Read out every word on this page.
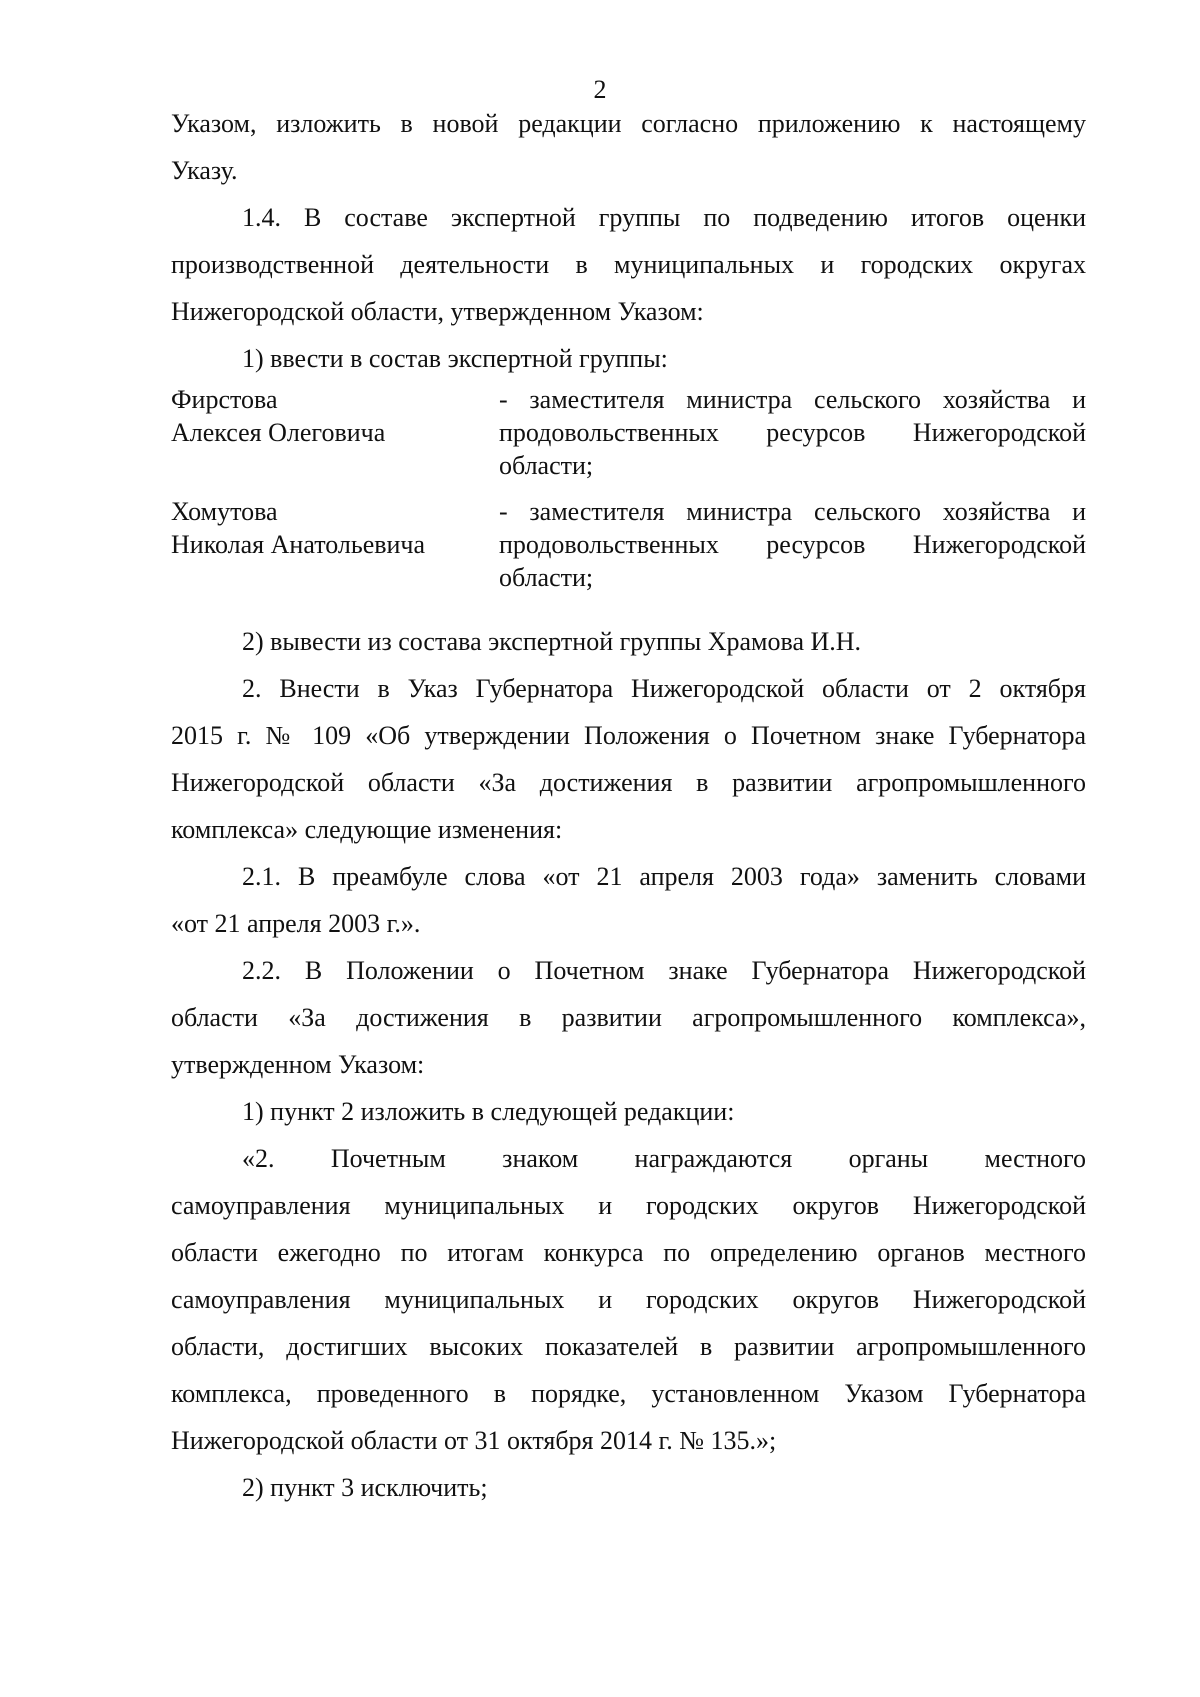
2
Указом, изложить в новой редакции согласно приложению к настоящему
Указу.
1.4. В составе экспертной группы по подведению итогов оценки
производственной деятельности в муниципальных и городских округах
Нижегородской области, утвержденном Указом:
1) ввести в состав экспертной группы:
Фирстова
Алексея Олеговича
- заместителя министра сельского хозяйства и
продовольственных ресурсов Нижегородской
области;
Хомутова
Николая Анатольевича
- заместителя министра сельского хозяйства и
продовольственных ресурсов Нижегородской
области;
2) вывести из состава экспертной группы Храмова И.Н.
2. Внести в Указ Губернатора Нижегородской области от 2 октября
2015 г. № 109 «Об утверждении Положения о Почетном знаке Губернатора
Нижегородской области «За достижения в развитии агропромышленного
комплекса» следующие изменения:
2.1. В преамбуле слова «от 21 апреля 2003 года» заменить словами
«от 21 апреля 2003 г.».
2.2. В Положении о Почетном знаке Губернатора Нижегородской
области «За достижения в развитии агропромышленного комплекса»,
утвержденном Указом:
1) пункт 2 изложить в следующей редакции:
«2. Почетным знаком награждаются органы местного
самоуправления муниципальных и городских округов Нижегородской
области ежегодно по итогам конкурса по определению органов местного
самоуправления муниципальных и городских округов Нижегородской
области, достигших высоких показателей в развитии агропромышленного
комплекса, проведенного в порядке, установленном Указом Губернатора
Нижегородской области от 31 октября 2014 г. № 135.»;
2) пункт 3 исключить;
